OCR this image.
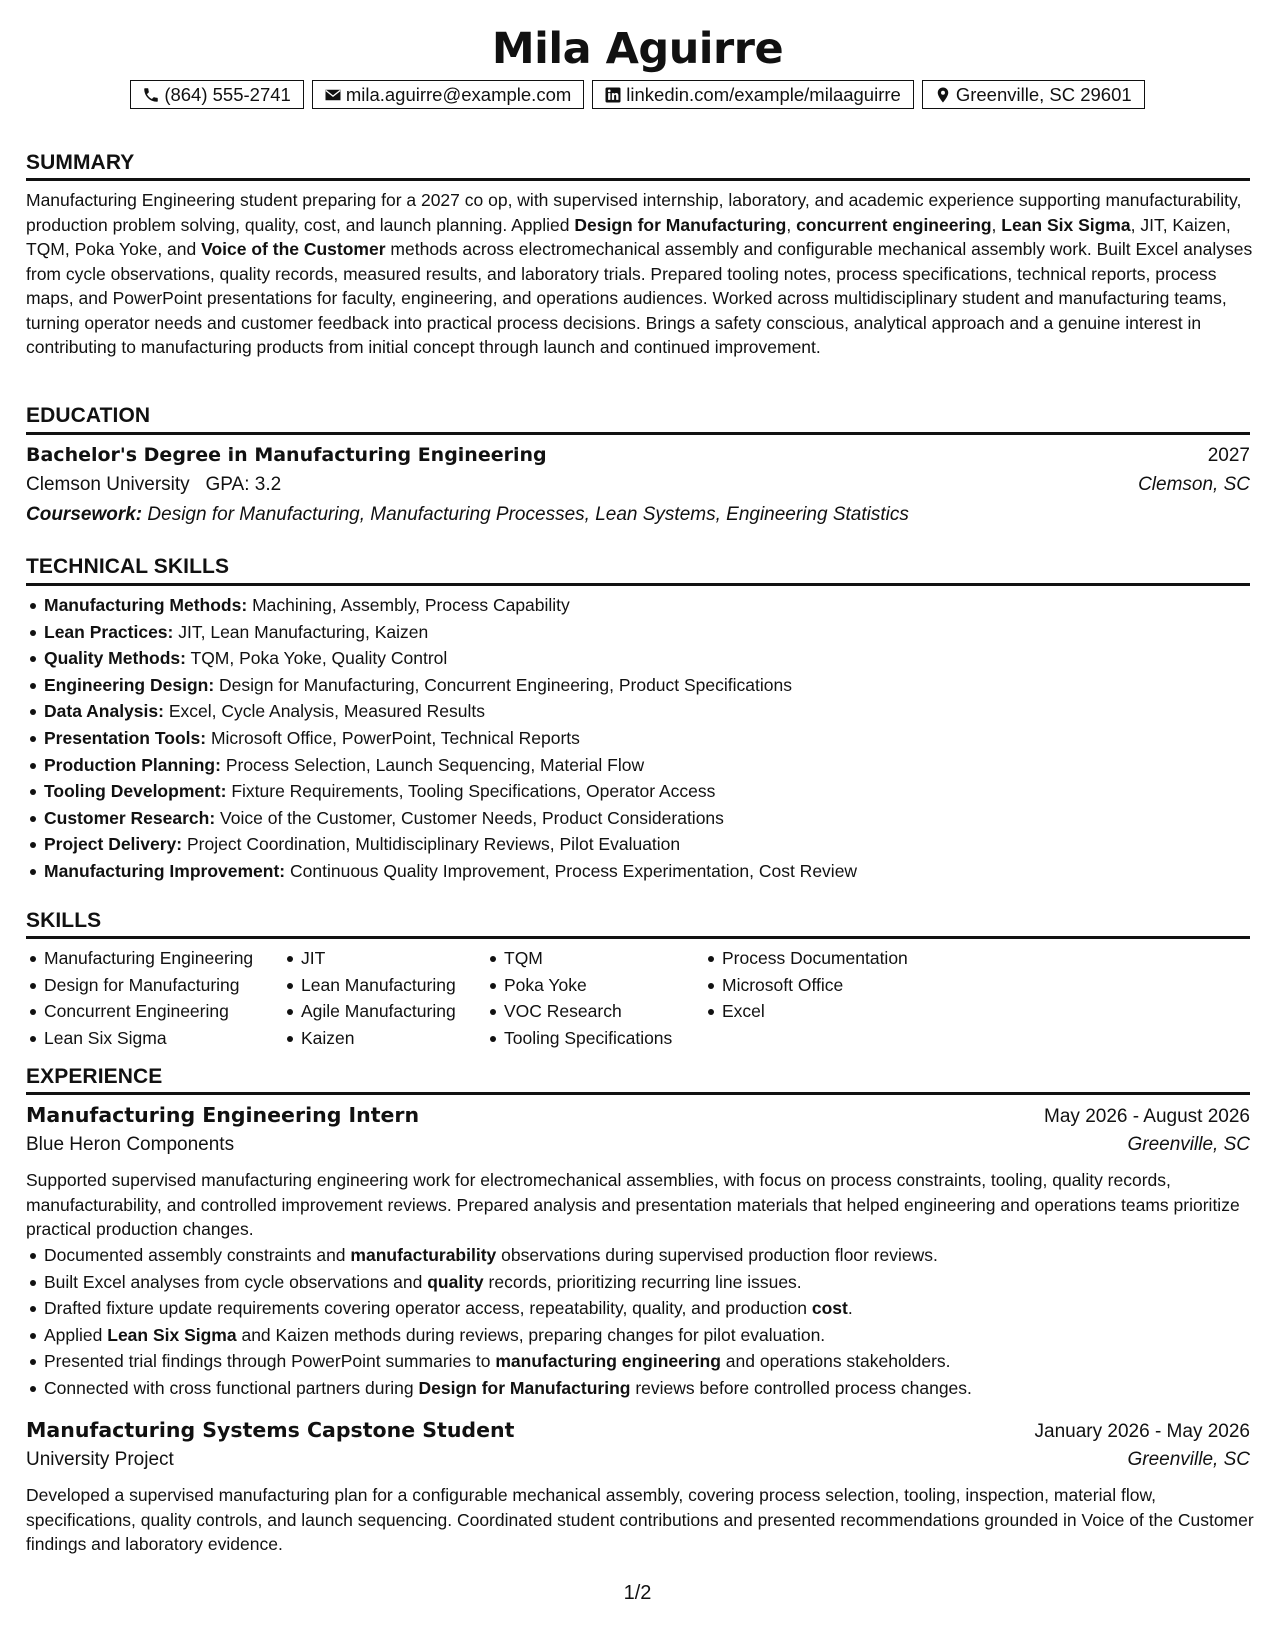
Mila Aguirre
(864) 555-2741	mila.aguirre@example.com	linkedin.com/example/milaaguirre	Greenville, SC 29601
SUMMARY

Manufacturing Engineering student preparing for a 2027 co op, with supervised internship, laboratory, and academic experience supporting manufacturability, production problem solving, quality, cost, and launch planning. Applied Design for Manufacturing, concurrent engineering, Lean Six Sigma, JIT, Kaizen, TQM, Poka Yoke, and Voice of the Customer methods across electromechanical assembly and configurable mechanical assembly work. Built Excel analyses from cycle observations, quality records, measured results, and laboratory trials. Prepared tooling notes, process specifications, technical reports, process maps, and PowerPoint presentations for faculty, engineering, and operations audiences. Worked across multidisciplinary student and manufacturing teams, turning operator needs and customer feedback into practical process decisions. Brings a safety conscious, analytical approach and a genuine interest in contributing to manufacturing products from initial concept through launch and continued improvement.

EDUCATION
Bachelor's Degree in Manufacturing Engineering	2027
Clemson University GPA: 3.2	Clemson, SC
Coursework: Design for Manufacturing, Manufacturing Processes, Lean Systems, Engineering Statistics
TECHNICAL SKILLS
Manufacturing Methods: Machining, Assembly, Process Capability
Lean Practices: JIT, Lean Manufacturing, Kaizen
Quality Methods: TQM, Poka Yoke, Quality Control
Engineering Design: Design for Manufacturing, Concurrent Engineering, Product Specifications
Data Analysis: Excel, Cycle Analysis, Measured Results
Presentation Tools: Microsoft Office, PowerPoint, Technical Reports
Production Planning: Process Selection, Launch Sequencing, Material Flow
Tooling Development: Fixture Requirements, Tooling Specifications, Operator Access
Customer Research: Voice of the Customer, Customer Needs, Product Considerations
Project Delivery: Project Coordination, Multidisciplinary Reviews, Pilot Evaluation
Manufacturing Improvement: Continuous Quality Improvement, Process Experimentation, Cost Review
SKILLS
Manufacturing Engineering
Design for Manufacturing
Concurrent Engineering
Lean Six Sigma
JIT
Lean Manufacturing
Agile Manufacturing
Kaizen
TQM
Poka Yoke
VOC Research
Tooling Specifications
Process Documentation
Microsoft Office
Excel
EXPERIENCE
Manufacturing Engineering Intern	May 2026 - August 2026
Blue Heron Components	Greenville, SC

Supported supervised manufacturing engineering work for electromechanical assemblies, with focus on process constraints, tooling, quality records, manufacturability, and controlled improvement reviews. Prepared analysis and presentation materials that helped engineering and operations teams prioritize practical production changes.

Documented assembly constraints and manufacturability observations during supervised production floor reviews.
Built Excel analyses from cycle observations and quality records, prioritizing recurring line issues.
Drafted fixture update requirements covering operator access, repeatability, quality, and production cost.
Applied Lean Six Sigma and Kaizen methods during reviews, preparing changes for pilot evaluation.
Presented trial findings through PowerPoint summaries to manufacturing engineering and operations stakeholders.
Connected with cross functional partners during Design for Manufacturing reviews before controlled process changes.
Manufacturing Systems Capstone Student	January 2026 - May 2026
University Project	Greenville, SC

Developed a supervised manufacturing plan for a configurable mechanical assembly, covering process selection, tooling, inspection, material flow, specifications, quality controls, and launch sequencing. Coordinated student contributions and presented recommendations grounded in Voice of the Customer findings and laboratory evidence.

1/2
